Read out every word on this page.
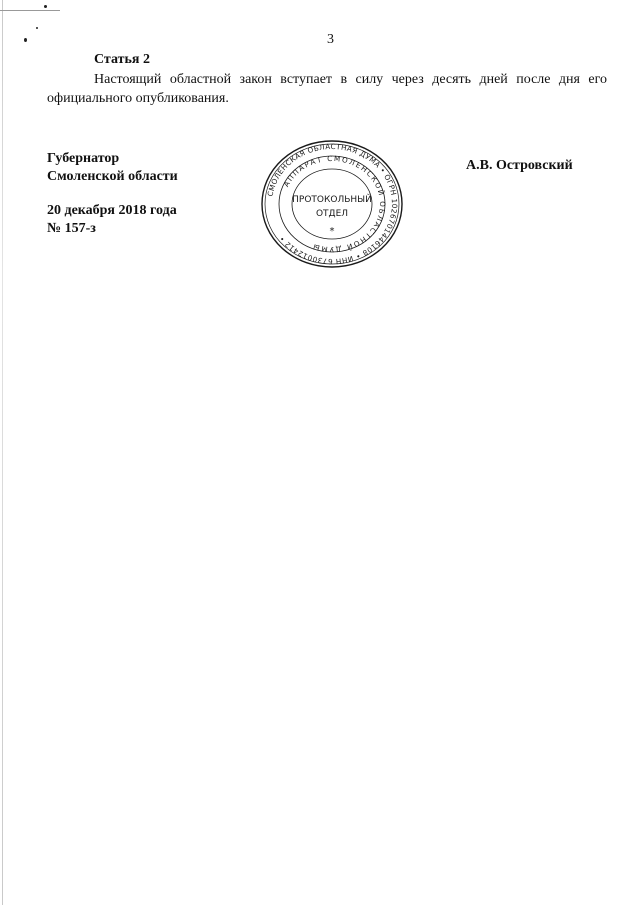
3
Статья 2
Настоящий областной закон вступает в силу через десять дней после дня его официального опубликования.
Губернатор
Смоленской области
20 декабря 2018 года
№ 157-з
А.В. Островский
СМОЛЕНСКАЯ ОБЛАСТНАЯ ДУМА • ОГРН 1026701446108 • ИНН 6730012412 •
АППАРАТ СМОЛЕНСКОЙ ОБЛАСТНОЙ ДУМЫ
ПРОТОКОЛЬНЫЙ
ОТДЕЛ
*
